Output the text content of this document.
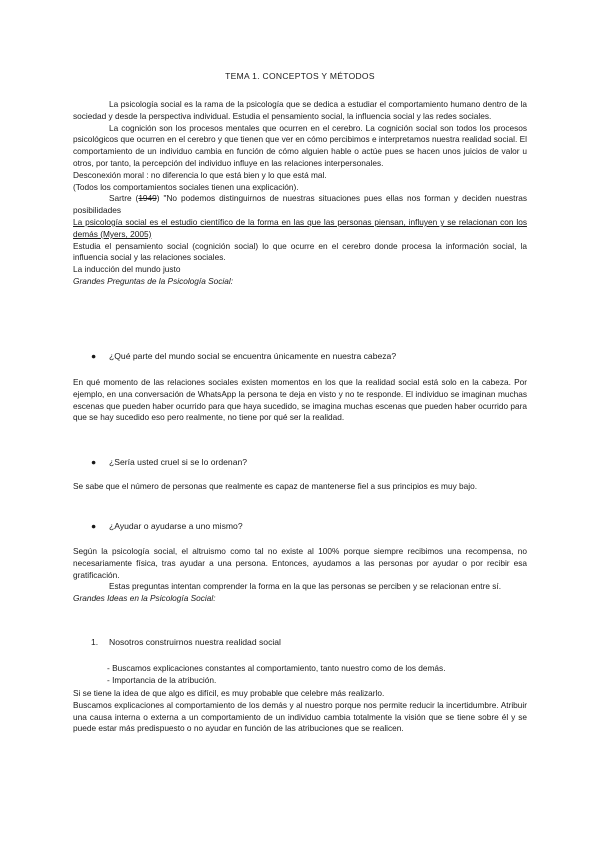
TEMA 1. CONCEPTOS Y MÉTODOS

La psicología social es la rama de la psicología que se dedica a estudiar el comportamiento humano dentro de la sociedad y desde la perspectiva individual. Estudia el pensamiento social, la influencia social y las redes sociales.

La cognición son los procesos mentales que ocurren en el cerebro. La cognición social son todos los procesos psicológicos que ocurren en el cerebro y que tienen que ver en cómo percibimos e interpretamos nuestra realidad social. El comportamiento de un individuo cambia en función de cómo alguien hable o actúe pues se hacen unos juicios de valor u otros, por tanto, la percepción del individuo influye en las relaciones interpersonales.

Desconexión moral : no diferencia lo que está bien y lo que está mal.

(Todos los comportamientos sociales tienen una explicación).

Sartre (1949) "No podemos distinguirnos de nuestras situaciones pues ellas nos forman y deciden nuestras posibilidades

La psicología social es el estudio científico de la forma en las que las personas piensan, influyen y se relacionan con los demás (Myers, 2005)

Estudia el pensamiento social (cognición social) lo que ocurre en el cerebro donde procesa la información social, la influencia social y las relaciones sociales.

La inducción del mundo justo

Grandes Preguntas de la Psicología Social:

● ¿Qué parte del mundo social se encuentra únicamente en nuestra cabeza?

En qué momento de las relaciones sociales existen momentos en los que la realidad social está solo en la cabeza. Por ejemplo, en una conversación de WhatsApp la persona te deja en visto y no te responde. El individuo se imaginan muchas escenas que pueden haber ocurrido para que haya sucedido, se imagina muchas escenas que pueden haber ocurrido para que se hay sucedido eso pero realmente, no tiene por qué ser la realidad.

● ¿Sería usted cruel si se lo ordenan?

Se sabe que el número de personas que realmente es capaz de mantenerse fiel a sus principios es muy bajo.

● ¿Ayudar o ayudarse a uno mismo?

Según la psicología social, el altruismo como tal no existe al 100% porque siempre recibimos una recompensa, no necesariamente física, tras ayudar a una persona. Entonces, ayudamos a las personas por ayudar o por recibir esa gratificación.

Estas preguntas intentan comprender la forma en la que las personas se perciben y se relacionan entre sí.

Grandes Ideas en la Psicología Social:

1. Nosotros construirnos nuestra realidad social

- Buscamos explicaciones constantes al comportamiento, tanto nuestro como de los demás.

- Importancia de la atribución.

Si se tiene la idea de que algo es difícil, es muy probable que celebre más realizarlo.

Buscamos explicaciones al comportamiento de los demás y al nuestro porque nos permite reducir la incertidumbre. Atribuir una causa interna o externa a un comportamiento de un individuo cambia totalmente la visión que se tiene sobre él y se puede estar más predispuesto o no ayudar en función de las atribuciones que se realicen.
